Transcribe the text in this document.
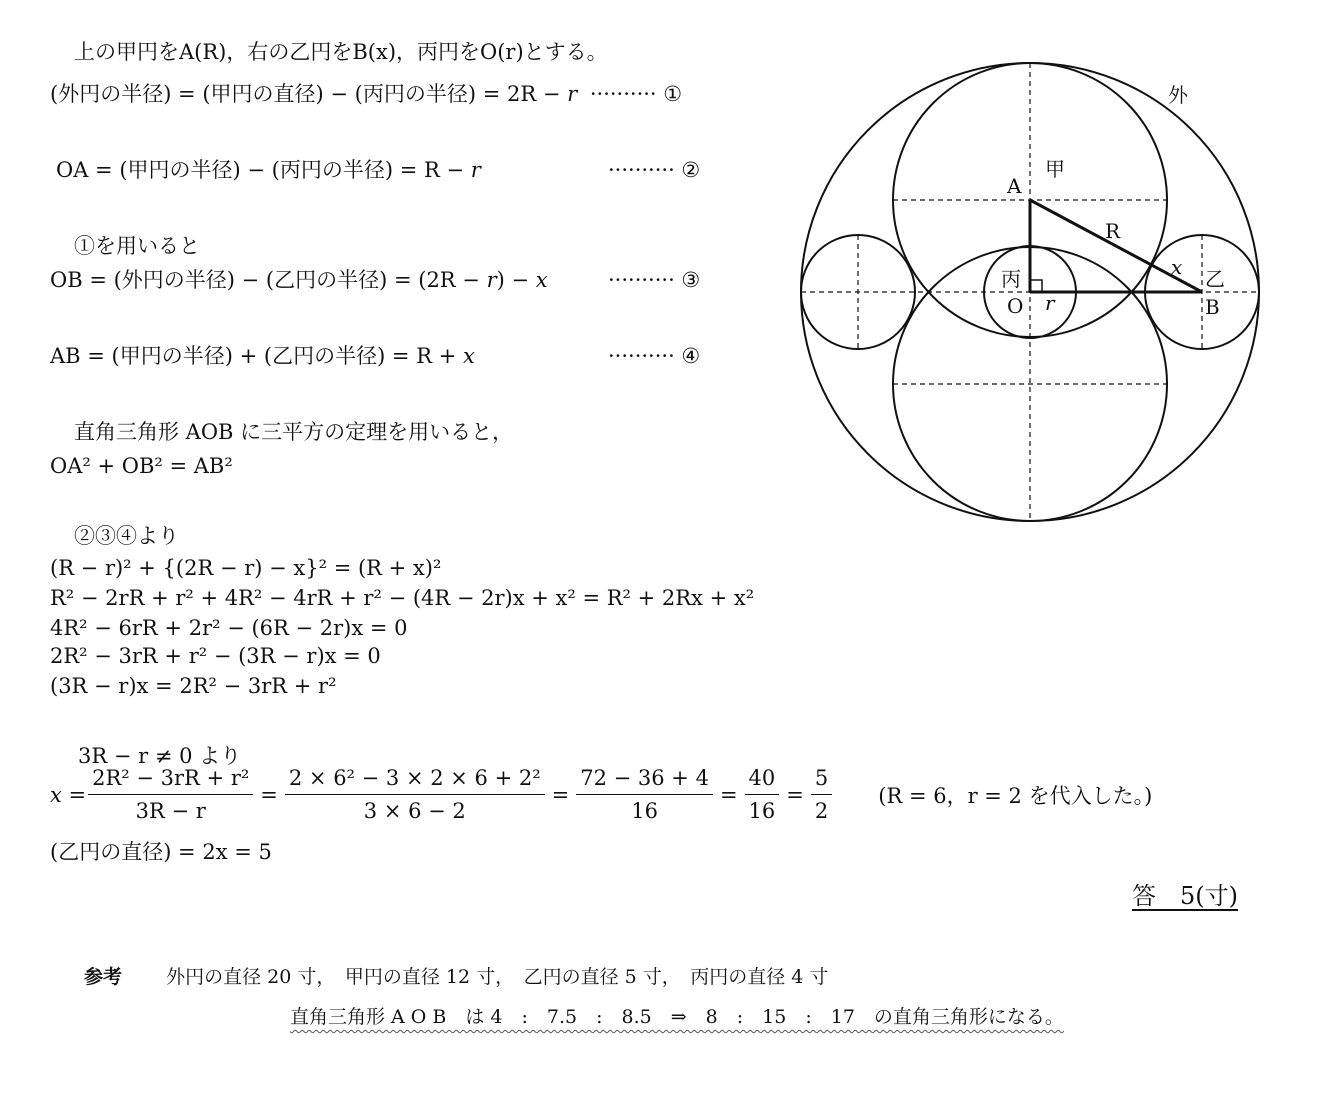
上の甲円をA(R)，右の乙円をB(x)，丙円をO(r)とする。
(外円の半径) = (甲円の直径) − (丙円の半径) = 2R − r ·········· ①
OA = (甲円の半径) − (丙円の半径) = R − r	·········· ②
①を用いると
OB = (外円の半径) − (乙円の半径) = (2R − r) − x	·········· ③
AB = (甲円の半径) + (乙円の半径) = R + x	·········· ④
直角三角形 AOB に三平方の定理を用いると，
OA² + OB² = AB²
②③④より
(R − r)² + {(2R − r) − x}² = (R + x)²
R² − 2rR + r² + 4R² − 4rR + r² − (4R − 2r)x + x² = R² + 2Rx + x²
4R² − 6rR + 2r² − (6R − 2r)x = 0
2R² − 3rR + r² − (3R − r)x = 0
(3R − r)x = 2R² − 3rR + r²
3R − r ≠ 0 より
$x = \frac{\text{2R² − 3rR + r²}}{3R - r} = \frac{\text{2 × 6² − 3 × 2 × 6 + 2²}}{3 \times 6 - 2} = \frac{72 - 36 + 4}{16} = \frac{40}{16} = \frac{5}{2} (R = 6$，r = 2 を代入した。)
(乙円の直径) = 2x = 5
答　5(寸)
参考 外円の直径 20 寸，　甲円の直径 12 寸，　乙円の直径 5 寸，　丙円の直径 4 寸
直角三角形 A O B　は 4　:　7.5　:　8.5　⇒　8　:　15　:　17　の直角三角形になる。
外
甲
A
R
x 乙
丙
O r	B
